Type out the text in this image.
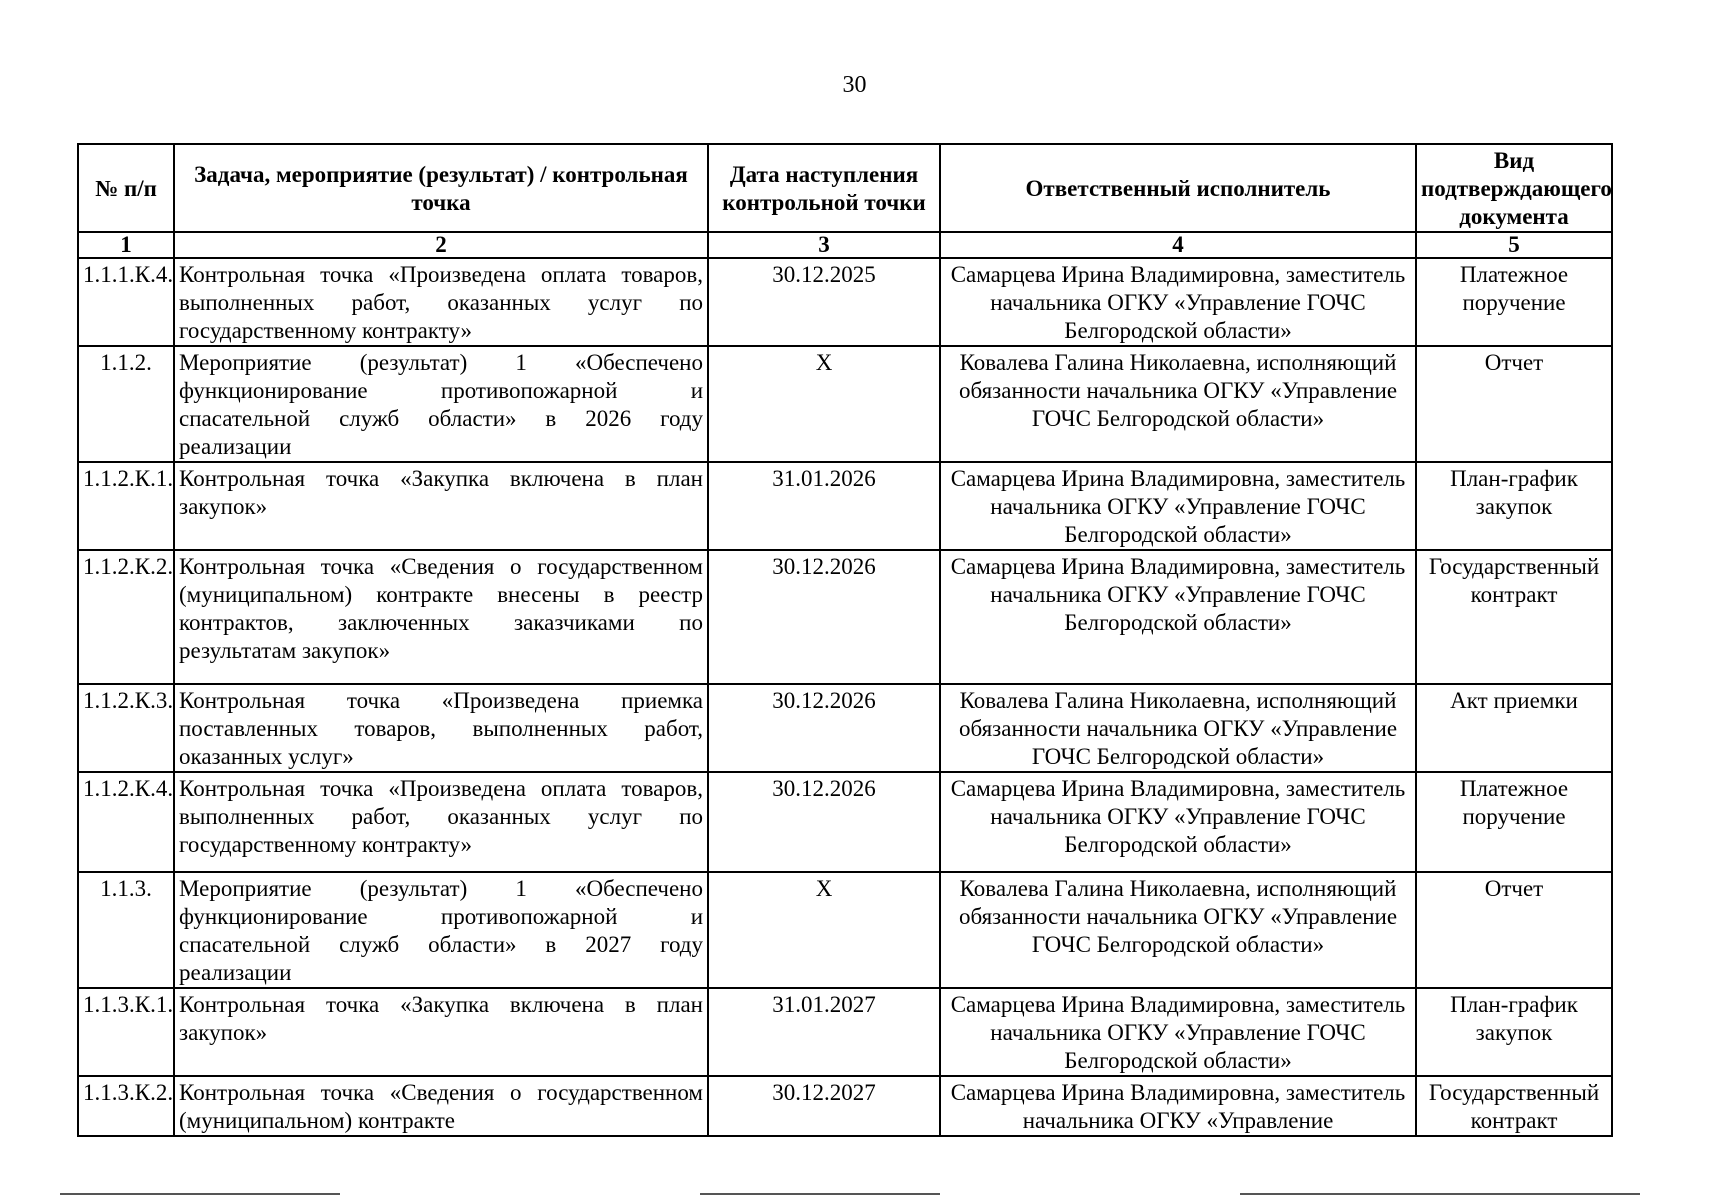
30
№ п/п	Задача, мероприятие (результат) / контрольная точка	Дата наступления контрольной точки	Ответственный исполнитель	Вид подтверждающего документа
1	2	3	4	5
1.1.1.К.4.	Контрольная точка «Произведена оплата товаров, выполненных работ, оказанных услуг по государственному контракту»	30.12.2025	Самарцева Ирина Владимировна, заместитель начальника ОГКУ «Управление ГОЧС Белгородской области»	Платежное поручение
1.1.2.	Мероприятие (результат) 1 «Обеспечено функционирование противопожарной и спасательной служб области» в 2026 году реализации	Х	Ковалева Галина Николаевна, исполняющий обязанности начальника ОГКУ «Управление ГОЧС Белгородской области»	Отчет
1.1.2.К.1.	Контрольная точка «Закупка включена в план закупок»	31.01.2026	Самарцева Ирина Владимировна, заместитель начальника ОГКУ «Управление ГОЧС Белгородской области»	План-график закупок
1.1.2.К.2.	Контрольная точка «Сведения о государственном (муниципальном) контракте внесены в реестр контрактов, заключенных заказчиками по результатам закупок»	30.12.2026	Самарцева Ирина Владимировна, заместитель начальника ОГКУ «Управление ГОЧС Белгородской области»	Государственный контракт
1.1.2.К.3.	Контрольная точка «Произведена приемка поставленных товаров, выполненных работ, оказанных услуг»	30.12.2026	Ковалева Галина Николаевна, исполняющий обязанности начальника ОГКУ «Управление ГОЧС Белгородской области»	Акт приемки
1.1.2.К.4.	Контрольная точка «Произведена оплата товаров, выполненных работ, оказанных услуг по государственному контракту»	30.12.2026	Самарцева Ирина Владимировна, заместитель начальника ОГКУ «Управление ГОЧС Белгородской области»	Платежное поручение
1.1.3.	Мероприятие (результат) 1 «Обеспечено функционирование противопожарной и спасательной служб области» в 2027 году реализации	Х	Ковалева Галина Николаевна, исполняющий обязанности начальника ОГКУ «Управление ГОЧС Белгородской области»	Отчет
1.1.3.К.1.	Контрольная точка «Закупка включена в план закупок»	31.01.2027	Самарцева Ирина Владимировна, заместитель начальника ОГКУ «Управление ГОЧС Белгородской области»	План-график закупок
1.1.3.К.2.	Контрольная точка «Сведения о государственном (муниципальном) контракте	30.12.2027	Самарцева Ирина Владимировна, заместитель начальника ОГКУ «Управление	Государственный контракт
